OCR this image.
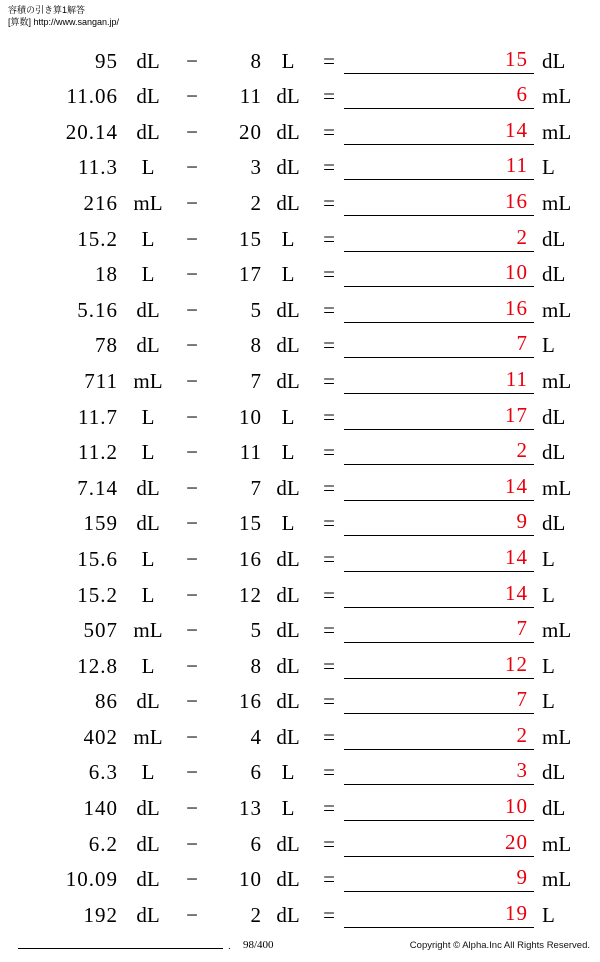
容積の引き算1解答
[算数] http://www.sangan.jp/
95 dL	−	8 L	=	15 dL
11.06 dL	−	11 dL	=	6 mL
20.14 dL	−	20 dL	=	14 mL
11.3	L	−	3 dL	=	11 L
216 mL	−	2 dL	=	16 mL
15.2	L	−	15 L	=	2 dL
18	L	−	17 L	=	10 dL
5.16 dL	−	5 dL	=	16 mL
78 dL	−	8 dL	=	7 L
711 mL	−	7 dL	=	11 mL
11.7	L	−	10 L	=	17 dL
11.2	L	−	11 L	=	2 dL
7.14 dL	−	7 dL	=	14 mL
159 dL	−	15 L	=	9 dL
15.6	L	−	16 dL	=	14 L
15.2	L	−	12 dL	=	14 L
507 mL	−	5 dL	=	7 mL
12.8	L	−	8 dL	=	12 L
86 dL	−	16 dL	=	7 L
402 mL	−	4 dL	=	2 mL
6.3	L	−	6 L	=	3 dL
140 dL	−	13 L	=	10 dL
6.2 dL	−	6 dL	=	20 mL
10.09 dL	−	10 dL	=	9 mL
192 dL	−	2 dL	=	19 L
. 98/400	Copyright © Alpha.Inc All Rights Reserved.
